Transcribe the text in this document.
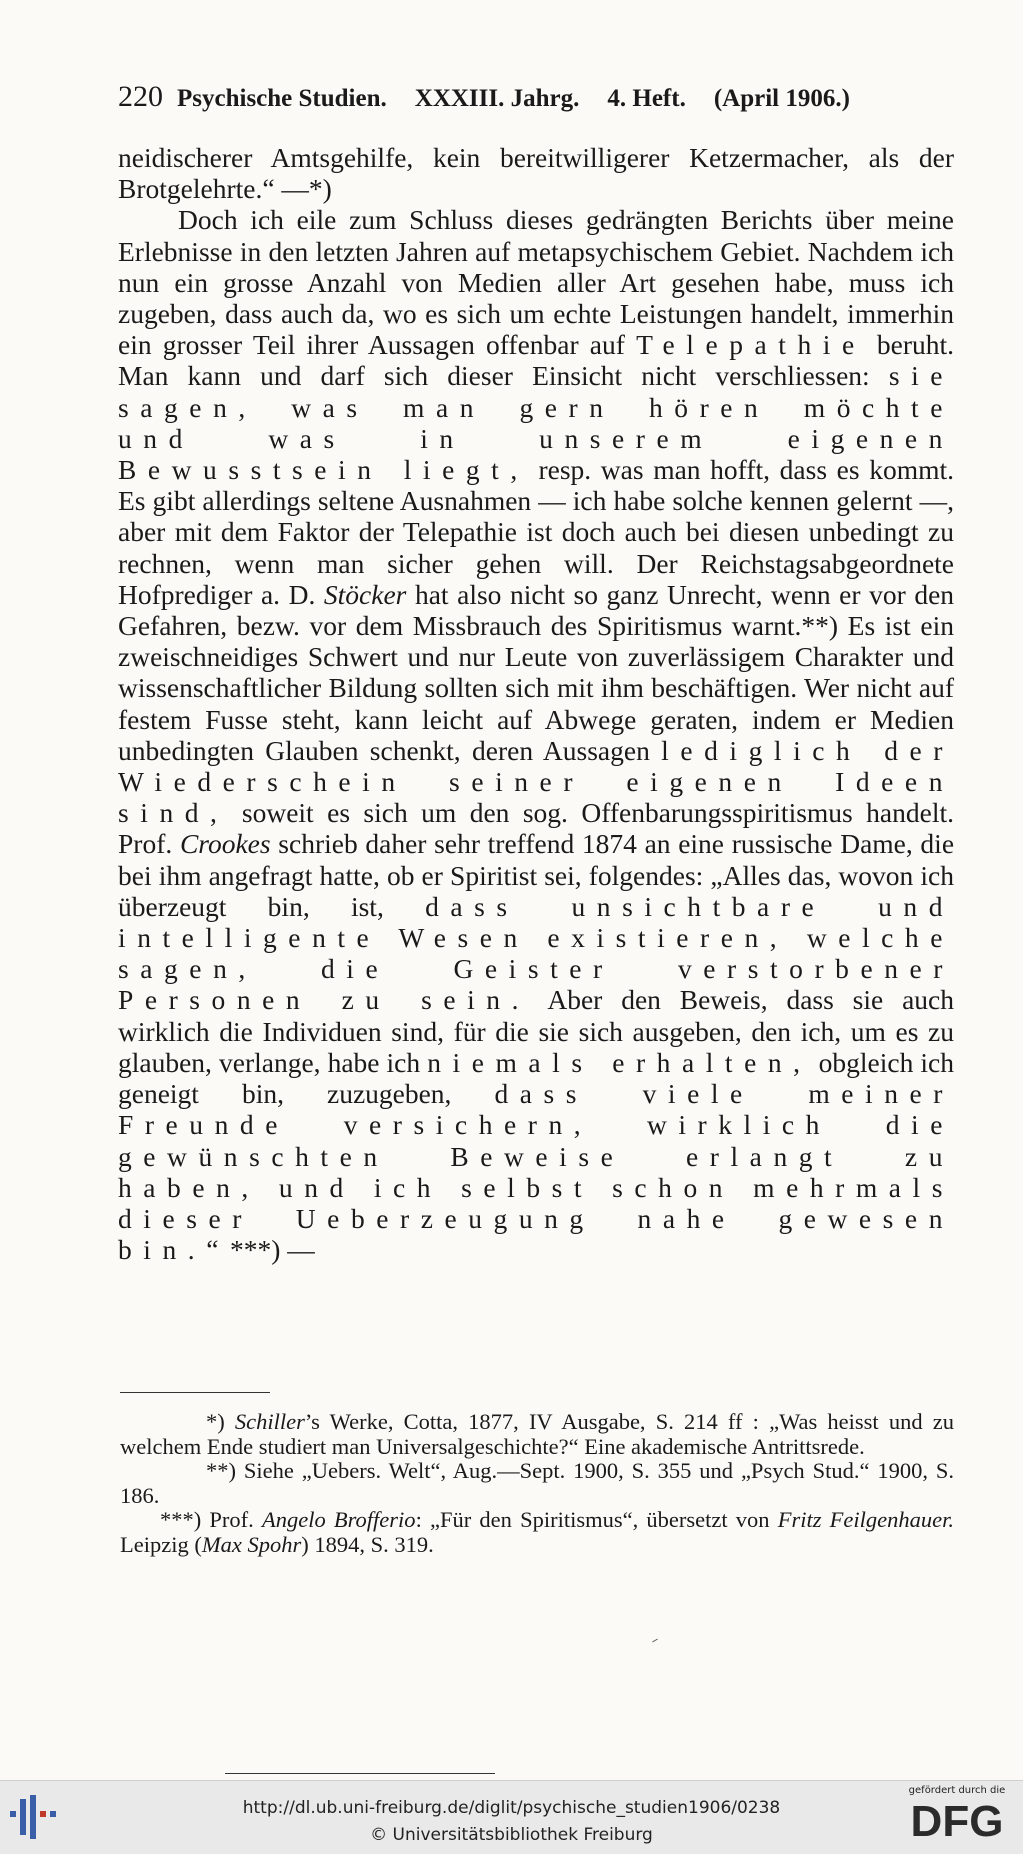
220 Psychische Studien. XXXIII. Jahrg. 4. Heft. (April 1906.)

neidischerer Amtsgehilfe, kein bereitwilligerer Ketzermacher, als der Brotgelehrte.“ —*)

Doch ich eile zum Schluss dieses gedrängten Berichts über meine Erlebnisse in den letzten Jahren auf metapsychischem Gebiet. Nachdem ich nun ein grosse Anzahl von Medien aller Art gesehen habe, muss ich zugeben, dass auch da, wo es sich um echte Leistungen handelt, immerhin ein grosser Teil ihrer Aussagen offenbar auf Telepathie beruht. Man kann und darf sich dieser Einsicht nicht verschliessen: sie sagen, was man gern hören möchte und was in unserem eigenen Bewusstsein liegt, resp. was man hofft, dass es kommt. Es gibt allerdings seltene Ausnahmen — ich habe solche kennen gelernt —, aber mit dem Faktor der Telepathie ist doch auch bei diesen unbedingt zu rechnen, wenn man sicher gehen will. Der Reichstagsabgeordnete Hofprediger a. D. Stöcker hat also nicht so ganz Unrecht, wenn er vor den Gefahren, bezw. vor dem Missbrauch des Spiritismus warnt.**) Es ist ein zweischneidiges Schwert und nur Leute von zuverlässigem Charakter und wissenschaftlicher Bildung sollten sich mit ihm beschäftigen. Wer nicht auf festem Fusse steht, kann leicht auf Abwege geraten, indem er Medien unbedingten Glauben schenkt, deren Aussagen lediglich der Wiederschein seiner eigenen Ideen sind, soweit es sich um den sog. Offenbarungsspiritismus handelt. Prof. Crookes schrieb daher sehr treffend 1874 an eine russische Dame, die bei ihm angefragt hatte, ob er Spiritist sei, folgendes: „Alles das, wovon ich überzeugt bin, ist, dass unsichtbare und intelligente Wesen existieren, welche sagen, die Geister verstorbener Personen zu sein. Aber den Beweis, dass sie auch wirklich die Individuen sind, für die sie sich ausgeben, den ich, um es zu glauben, verlange, habe ich niemals erhalten, obgleich ich geneigt bin, zuzugeben, dass viele meiner Freunde versichern, wirklich die gewünschten Beweise erlangt zu haben, und ich selbst schon mehrmals dieser Ueberzeugung nahe gewesen bin.“***) —

*) Schiller’s Werke, Cotta, 1877, IV Ausgabe, S. 214 ff : „Was heisst und zu welchem Ende studiert man Universalgeschichte?“ Eine akademische Antrittsrede.

**) Siehe „Uebers. Welt“, Aug.—Sept. 1900, S. 355 und „Psych Stud.“ 1900, S. 186.

***) Prof. Angelo Brofferio: „Für den Spiritismus“, übersetzt von Fritz Feilgenhauer. Leipzig (Max Spohr) 1894, S. 319.

http://dl.ub.uni-freiburg.de/diglit/psychische_studien1906/0238
© Universitätsbibliothek Freiburg
gefördert durch die
DFG
